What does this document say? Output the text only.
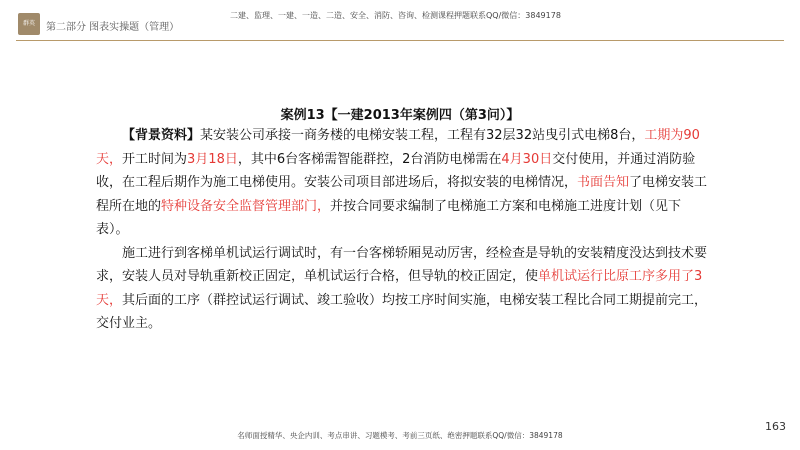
群英	第二部分 图表实操题（管理）
二建、监理、一建、一造、二造、安全、消防、咨询、检测课程押题联系QQ/微信：3849178
案例13【一建2013年案例四（第3问）】

【背景资料】某安装公司承接一商务楼的电梯安装工程，工程有32层32站曳引式电梯8台，工期为90天，开工时间为3月18日，其中6台客梯需智能群控，2台消防电梯需在4月30日交付使用，并通过消防验收，在工程后期作为施工电梯使用。安装公司项目部进场后，将拟安装的电梯情况，书面告知了电梯安装工程所在地的特种设备安全监督管理部门，并按合同要求编制了电梯施工方案和电梯施工进度计划（见下表）。

施工进行到客梯单机试运行调试时，有一台客梯轿厢晃动厉害，经检查是导轨的安装精度没达到技术要求，安装人员对导轨重新校正固定，单机试运行合格，但导轨的校正固定，使单机试运行比原工序多用了3天，其后面的工序（群控试运行调试、竣工验收）均按工序时间实施，电梯安装工程比合同工期提前完工，交付业主。

163
名师面授精华、央企内训、考点串讲、习题模考、考前三页纸、绝密押题联系QQ/微信：3849178
